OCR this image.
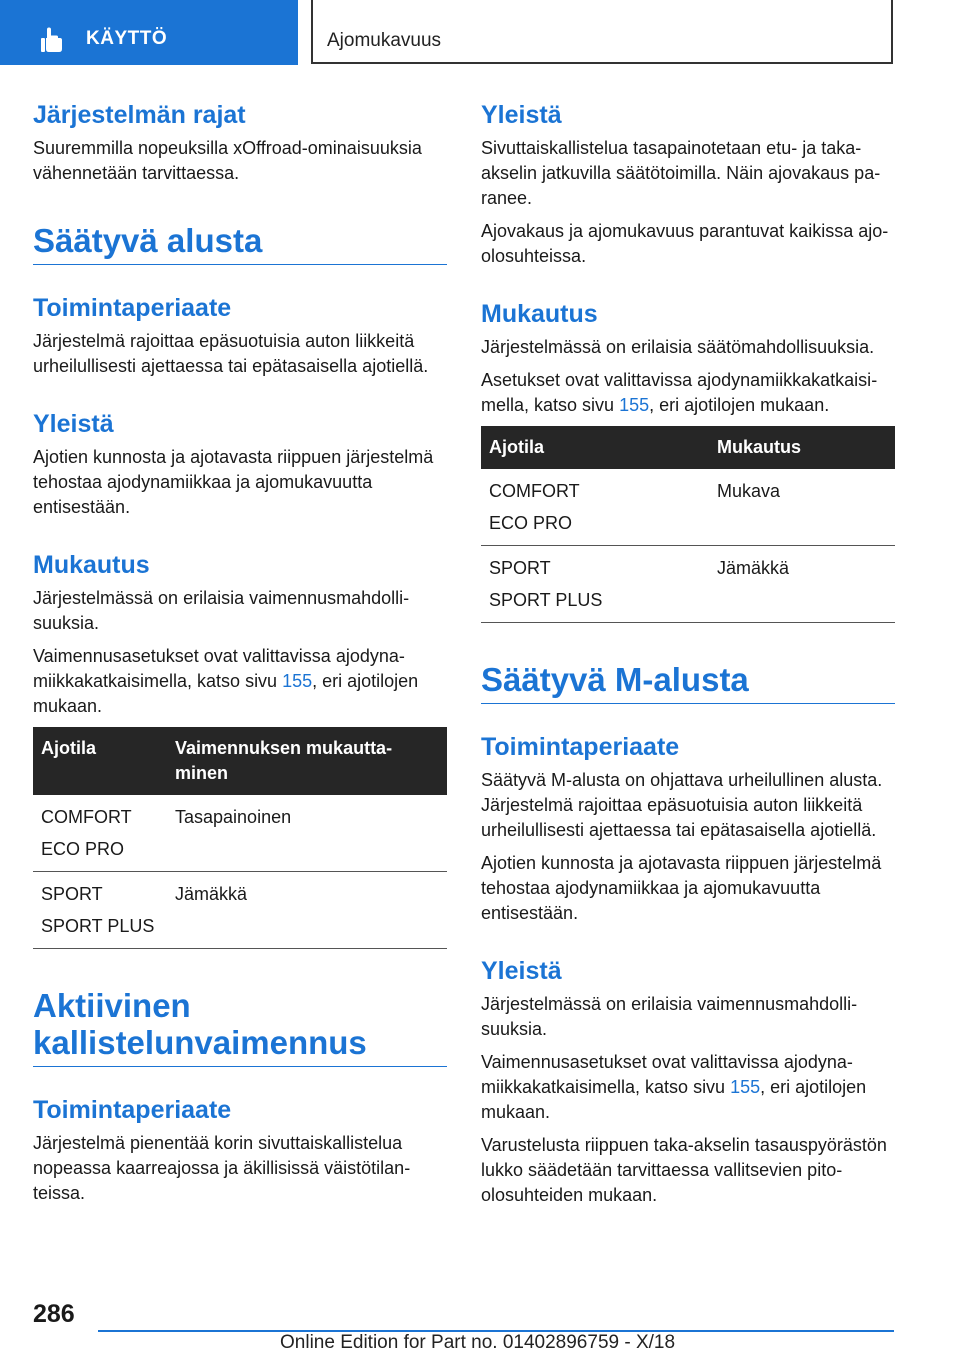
KÄYTTÖ	Ajomukavuus
Järjestelmän rajat

Suuremmilla nopeuksilla xOffroad-ominaisuuksia vähennetään tarvittaessa.

Säätyvä alusta
Toimintaperiaate

Järjestelmä rajoittaa epäsuotuisia auton liikkeitä urheilullisesti ajettaessa tai epätasaisella ajotiellä.

Yleistä

Ajotien kunnosta ja ajotavasta riippuen järjestelmä tehostaa ajodynamiikkaa ja ajomukavuutta entisestään.

Mukautus

Järjestelmässä on erilaisia vaimennusmahdollisuuksia.

Vaimennusasetukset ovat valittavissa ajodynamiikkakatkaisimella, katso sivu 155, eri ajotilojen mukaan.

Ajotila	Vaimennuksen mukauttaminen

COMFORT
ECO PRO	Tasapainoinen

SPORT
SPORT PLUS	Jämäkkä
Aktiivinen kallistelunvaimennus
Toimintaperiaate

Järjestelmä pienentää korin sivuttaiskallistelua nopeassa kaarreajossa ja äkillisissä väistötilanteissa.

Yleistä

Sivuttaiskallistelua tasapainotetaan etu- ja takaakselin jatkuvilla säätötoimilla. Näin ajovakaus paranee.

Ajovakaus ja ajomukavuus parantuvat kaikissa ajo-olosuhteissa.

Mukautus

Järjestelmässä on erilaisia säätömahdollisuuksia.

Asetukset ovat valittavissa ajodynamiikkakatkaisimella, katso sivu 155, eri ajotilojen mukaan.

Ajotila	Mukautus

COMFORT
ECO PRO	Mukava

SPORT
SPORT PLUS	Jämäkkä
Säätyvä M-alusta
Toimintaperiaate

Säätyvä M-alusta on ohjattava urheilullinen alusta. Järjestelmä rajoittaa epäsuotuisia auton liikkeitä urheilullisesti ajettaessa tai epätasaisella ajotiellä.

Ajotien kunnosta ja ajotavasta riippuen järjestelmä tehostaa ajodynamiikkaa ja ajomukavuutta entisestään.

Yleistä

Järjestelmässä on erilaisia vaimennusmahdollisuuksia.

Vaimennusasetukset ovat valittavissa ajodynamiikkakatkaisimella, katso sivu 155, eri ajotilojen mukaan.

Varustelusta riippuen taka-akselin tasauspyörästön lukko säädetään tarvittaessa vallitsevien pitoolosuhteiden mukaan.

286
Online Edition for Part no. 01402896759 - X/18
